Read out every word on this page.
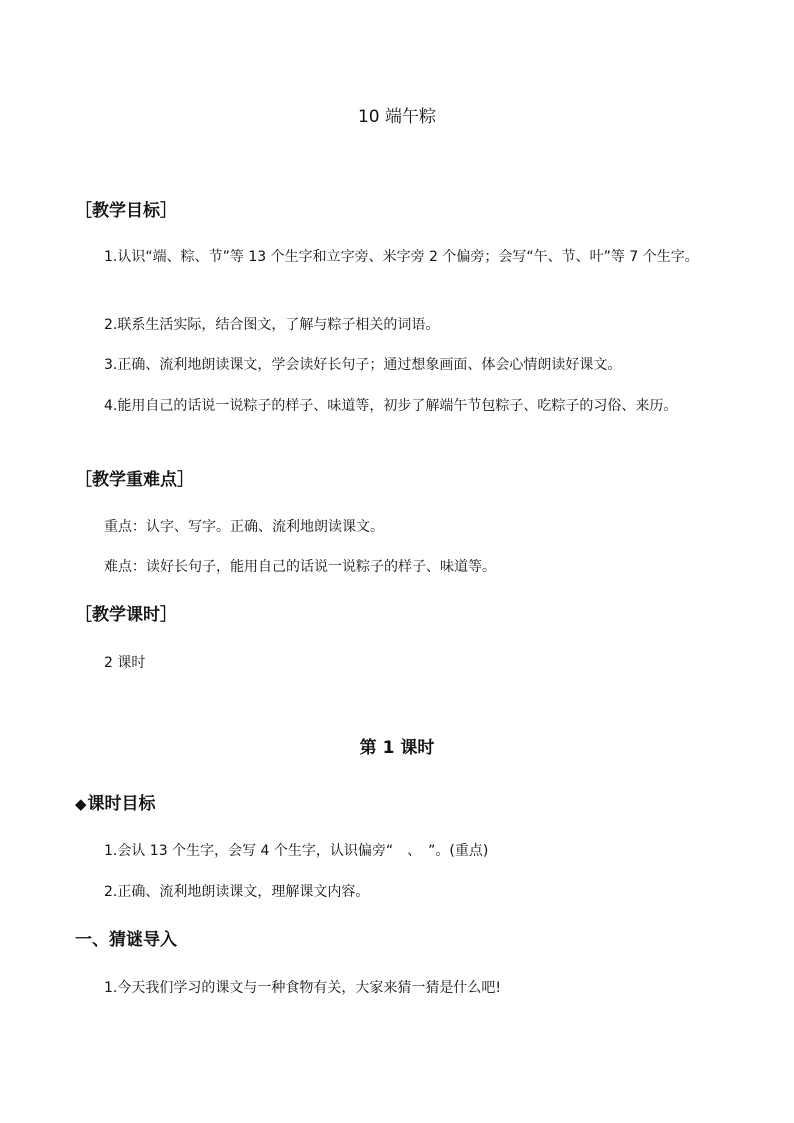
10 端午粽
［教学目标］
1.认识“端、粽、节”等 13 个生字和立字旁、米字旁 2 个偏旁；会写“午、节、叶”等 7 个生字。
2.联系生活实际，结合图文，了解与粽子相关的词语。
3.正确、流利地朗读课文，学会读好长句子；通过想象画面、体会心情朗读好课文。
4.能用自己的话说一说粽子的样子、味道等，初步了解端午节包粽子、吃粽子的习俗、来历。
［教学重难点］
重点：认字、写字。正确、流利地朗读课文。
难点：读好长句子，能用自己的话说一说粽子的样子、味道等。
［教学课时］
2 课时
第 1 课时
◆课时目标
1.会认 13 个生字，会写 4 个生字，认识偏旁“　、　”。(重点)
2.正确、流利地朗读课文，理解课文内容。
一、猜谜导入
1.今天我们学习的课文与一种食物有关，大家来猜一猜是什么吧!
